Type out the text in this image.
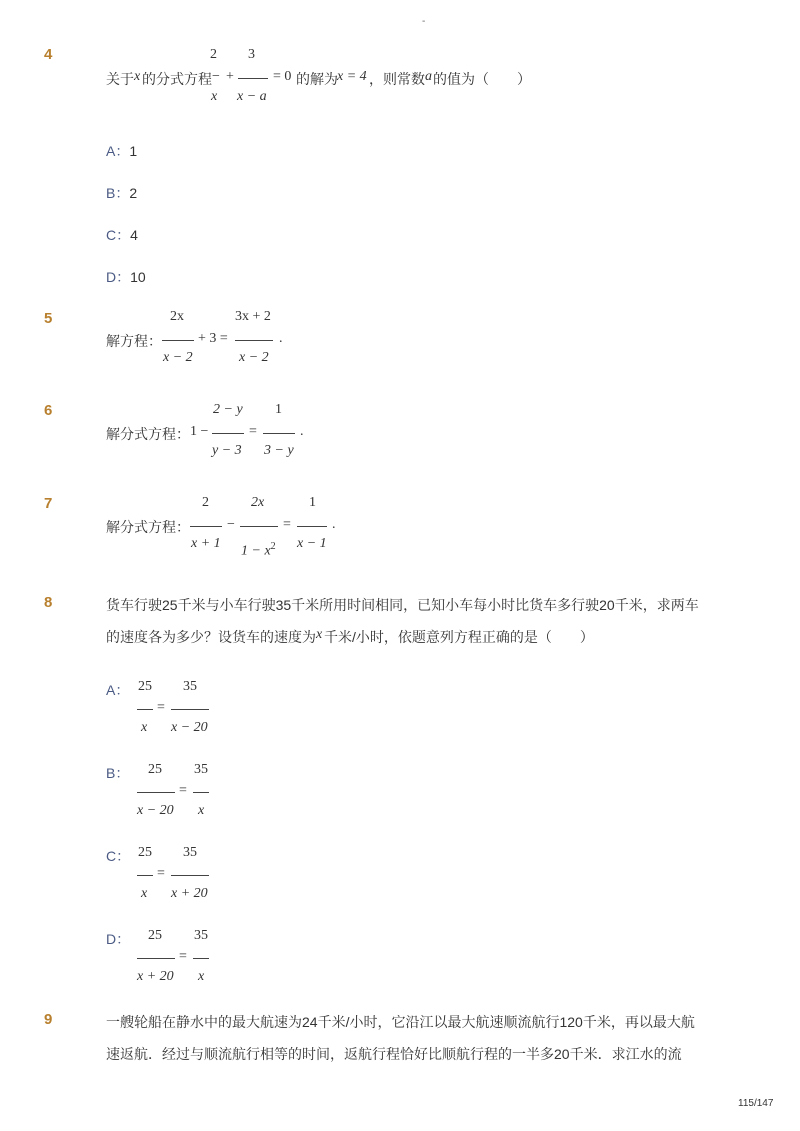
-
4
关于 x 的分式方程 −
2
x
+
3
x − a
= 0 的解为 x = 4 ，则常数 a 的值为（　　）
A：1
B：2
C：4
D：10
5
解方程：
2x
x − 2
+ 3 =
3x + 2
x − 2
.
6
解分式方程： 1 −
2 − y
y − 3
=
1
3 − y
.
7
解分式方程：
2
x + 1
−
2x
$1 - x^2$
=
1
x − 1
.
8	货车行驶25千米与小车行驶35千米所用时间相同，已知小车每小时比货车多行驶20千米，求两车
的速度各为多少？设货车的速度为 x 千米/小时，依题意列方程正确的是（　　）
A： 25
x
=
35
x − 20
B： 25
x − 20
=
35
x
C： 25
x
=
35
x + 20
D： 25
x + 20
=
35
x
9	一艘轮船在静水中的最大航速为24千米/小时，它沿江以最大航速顺流航行120千米，再以最大航
速返航．经过与顺流航行相等的时间，返航行程恰好比顺航行程的一半多20千米．求江水的流
115/147
